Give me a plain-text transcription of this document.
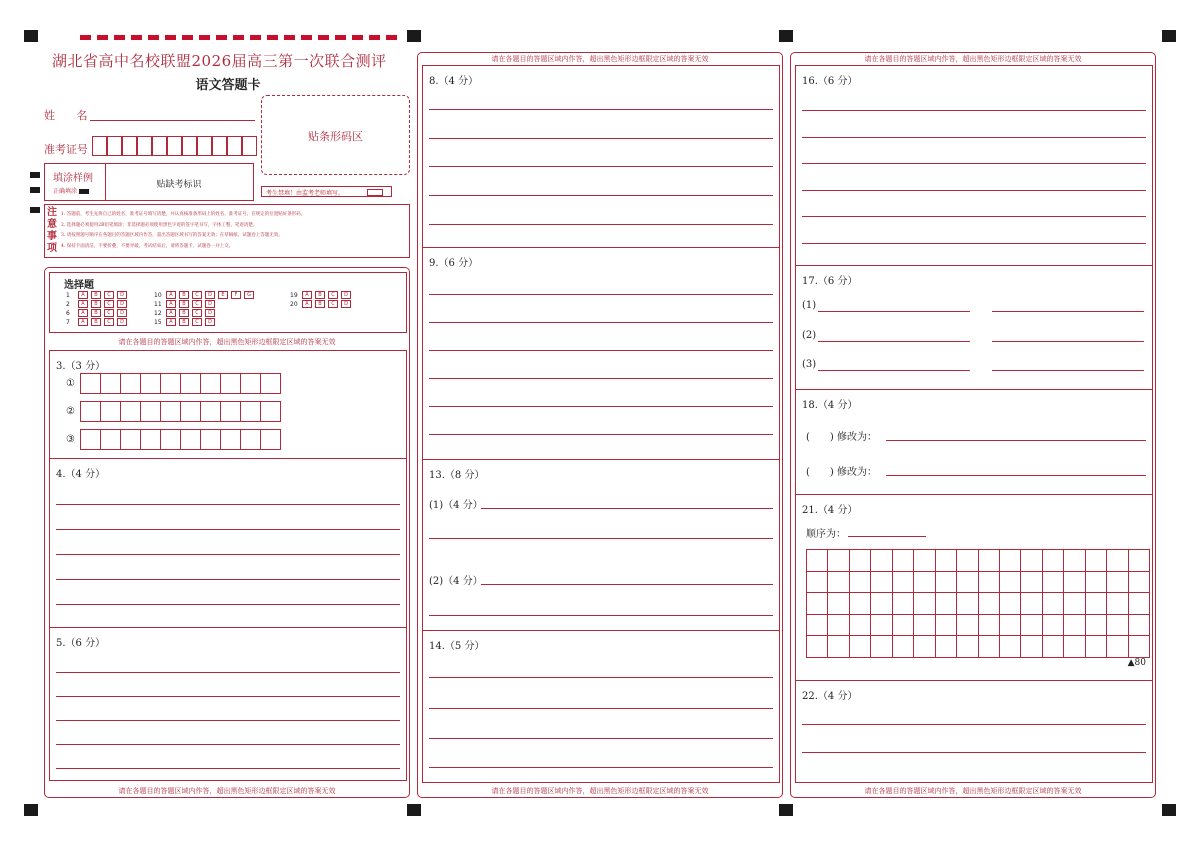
湖北省高中名校联盟2026届高三第一次联合测评
语文答题卡
姓 名
准考证号
贴条形码区
填涂样例
正确填涂
贴缺考标识
考生禁填！由监考老师填写。
注
意
事
项
1. 答题前，考生先将自己的姓名、准考证号填写清楚，并认真核准条形码上的姓名、准考证号，在规定的位置贴好条形码。
2. 选择题必须使用2B铅笔填涂；非选择题必须使用黑色字迹的签字笔书写，字体工整、笔迹清楚。
3. 请按照题号顺序在各题目的答题区域内作答，超出答题区域书写的答案无效；在草稿纸、试题卷上答题无效。
4. 保持卡面清洁，不要折叠，不要弄破，考试结束后，请将答题卡、试题卷一并上交。
选择题
1 A B C D
2 A B C D
6 A B C D
7 A B C D
10 A B C D E F G
11 A B C D
12 A B C D
15 A B C D
19 A B C D
20 A B C D
请在各题目的答题区域内作答，超出黑色矩形边框限定区域的答案无效
3.（3 分）
①
②
③
4.（4 分）
5.（6 分）
请在各题目的答题区域内作答，超出黑色矩形边框限定区域的答案无效
请在各题目的答题区域内作答，超出黑色矩形边框限定区域的答案无效
8.（4 分）
9.（6 分）
13.（8 分）
(1)（4 分）
(2)（4 分）
14.（5 分）
请在各题目的答题区域内作答，超出黑色矩形边框限定区域的答案无效
请在各题目的答题区域内作答，超出黑色矩形边框限定区域的答案无效
16.（6 分）
17.（6 分）
(1)
(2)
(3)
18.（4 分）
(　　) 修改为：
(　　) 修改为：
21.（4 分）
顺序为：
▲80
22.（4 分）
请在各题目的答题区域内作答，超出黑色矩形边框限定区域的答案无效
